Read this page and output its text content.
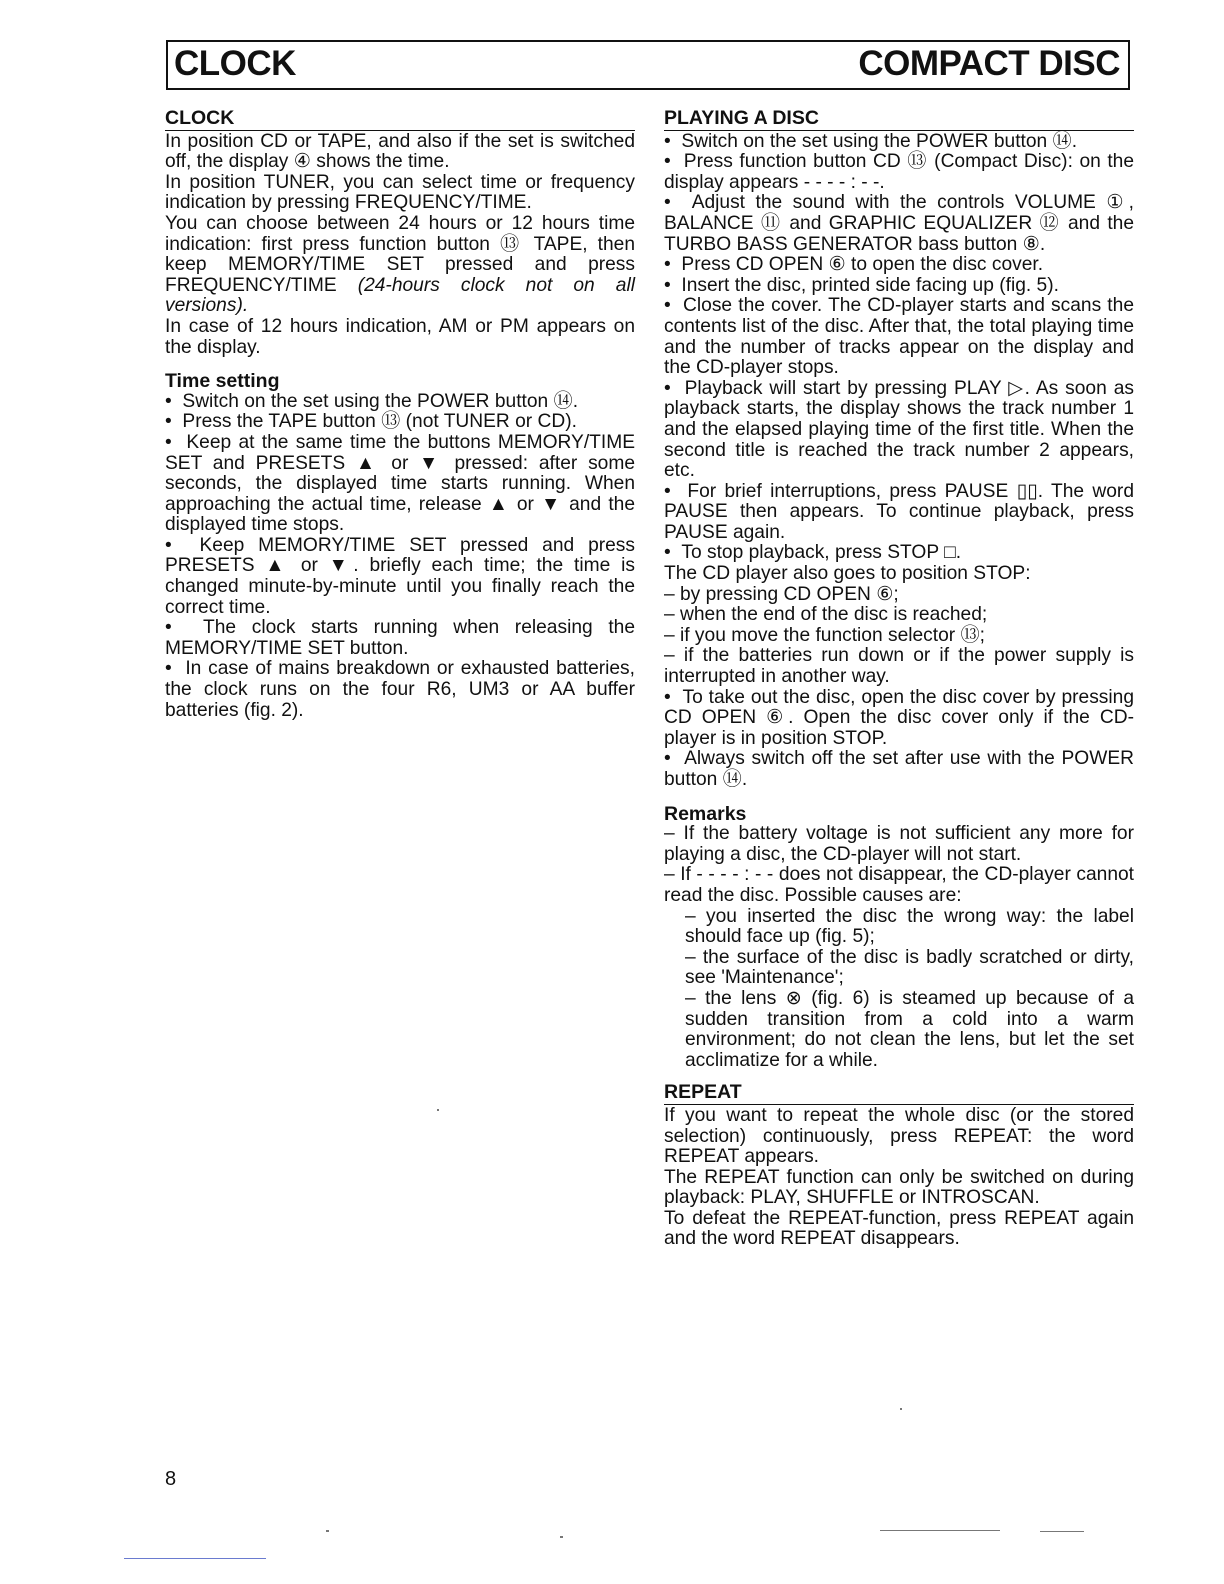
CLOCK	COMPACT DISC
CLOCK

In position CD or TAPE, and also if the set is switched off, the display ④ shows the time.

In position TUNER, you can select time or frequency indication by pressing FREQUENCY/TIME.

You can choose between 24 hours or 12 hours time indication: first press function button ⑬ TAPE, then keep MEMORY/TIME SET pressed and press FREQUENCY/TIME (24-hours clock not on all versions).

In case of 12 hours indication, AM or PM appears on the display.

Time setting

•  Switch on the set using the POWER button ⑭.

•  Press the TAPE button ⑬ (not TUNER or CD).

•  Keep at the same time the buttons MEMORY/TIME SET and PRESETS ▲ or ▼ pressed: after some seconds, the displayed time starts running. When approaching the actual time, release ▲ or ▼ and the displayed time stops.

•  Keep MEMORY/TIME SET pressed and press PRESETS ▲ or ▼. briefly each time; the time is changed minute-by-minute until you finally reach the correct time.

•  The clock starts running when releasing the MEMORY/TIME SET button.

•  In case of mains breakdown or exhausted batteries, the clock runs on the four R6, UM3 or AA buffer batteries (fig. 2).

PLAYING A DISC

•  Switch on the set using the POWER button ⑭.

•  Press function button CD ⑬ (Compact Disc): on the display appears - - - - : - -.

•  Adjust the sound with the controls VOLUME ①, BALANCE ⑪ and GRAPHIC EQUALIZER ⑫ and the TURBO BASS GENERATOR bass button ⑧.

•  Press CD OPEN ⑥ to open the disc cover.

•  Insert the disc, printed side facing up (fig. 5).

•  Close the cover. The CD-player starts and scans the contents list of the disc. After that, the total playing time and the number of tracks appear on the display and the CD-player stops.

•  Playback will start by pressing PLAY ▷. As soon as playback starts, the display shows the track number 1 and the elapsed playing time of the first title. When the second title is reached the track number 2 appears, etc.

•  For brief interruptions, press PAUSE ▯▯. The word PAUSE then appears. To continue playback, press PAUSE again.

•  To stop playback, press STOP □.

The CD player also goes to position STOP:

– by pressing CD OPEN ⑥;

– when the end of the disc is reached;

– if you move the function selector ⑬;

– if the batteries run down or if the power supply is interrupted in another way.

•  To take out the disc, open the disc cover by pressing CD OPEN ⑥. Open the disc cover only if the CD-player is in position STOP.

•  Always switch off the set after use with the POWER button ⑭.

Remarks

– If the battery voltage is not sufficient any more for playing a disc, the CD-player will not start.

– If - - - - : - - does not disappear, the CD-player cannot read the disc. Possible causes are:

– you inserted the disc the wrong way: the label should face up (fig. 5);

– the surface of the disc is badly scratched or dirty, see 'Maintenance';

– the lens ⊗ (fig. 6) is steamed up because of a sudden transition from a cold into a warm environment; do not clean the lens, but let the set acclimatize for a while.

REPEAT

If you want to repeat the whole disc (or the stored selection) continuously, press REPEAT: the word REPEAT appears.

The REPEAT function can only be switched on during playback: PLAY, SHUFFLE or INTROSCAN.

To defeat the REPEAT-function, press REPEAT again and the word REPEAT disappears.

8
